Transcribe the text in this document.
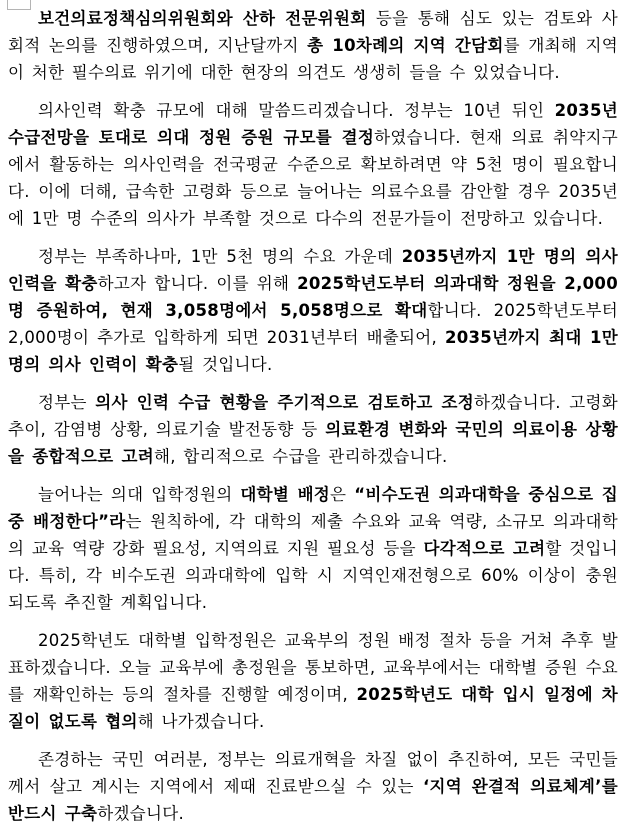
보건의료정책심의위원회와 산하 전문위원회 등을 통해 심도 있는 검토와 사회적 논의를 진행하였으며, 지난달까지 총 10차례의 지역 간담회를 개최해 지역이 처한 필수의료 위기에 대한 현장의 의견도 생생히 들을 수 있었습니다.

의사인력 확충 규모에 대해 말씀드리겠습니다. 정부는 10년 뒤인 2035년 수급전망을 토대로 의대 정원 증원 규모를 결정하였습니다. 현재 의료 취약지구에서 활동하는 의사인력을 전국평균 수준으로 확보하려면 약 5천 명이 필요합니다. 이에 더해, 급속한 고령화 등으로 늘어나는 의료수요를 감안할 경우 2035년에 1만 명 수준의 의사가 부족할 것으로 다수의 전문가들이 전망하고 있습니다.

정부는 부족하나마, 1만 5천 명의 수요 가운데 2035년까지 1만 명의 의사인력을 확충하고자 합니다. 이를 위해 2025학년도부터 의과대학 정원을 2,000명 증원하여, 현재 3,058명에서 5,058명으로 확대합니다. 2025학년도부터 2,000명이 추가로 입학하게 되면 2031년부터 배출되어, 2035년까지 최대 1만 명의 의사 인력이 확충될 것입니다.

정부는 의사 인력 수급 현황을 주기적으로 검토하고 조정하겠습니다. 고령화 추이, 감염병 상황, 의료기술 발전동향 등 의료환경 변화와 국민의 의료이용 상황을 종합적으로 고려해, 합리적으로 수급을 관리하겠습니다.

늘어나는 의대 입학정원의 대학별 배정은 “비수도권 의과대학을 중심으로 집중 배정한다”라는 원칙하에, 각 대학의 제출 수요와 교육 역량, 소규모 의과대학의 교육 역량 강화 필요성, 지역의료 지원 필요성 등을 다각적으로 고려할 것입니다. 특히, 각 비수도권 의과대학에 입학 시 지역인재전형으로 60% 이상이 충원되도록 추진할 계획입니다.

2025학년도 대학별 입학정원은 교육부의 정원 배정 절차 등을 거쳐 추후 발표하겠습니다. 오늘 교육부에 총정원을 통보하면, 교육부에서는 대학별 증원 수요를 재확인하는 등의 절차를 진행할 예정이며, 2025학년도 대학 입시 일정에 차질이 없도록 협의해 나가겠습니다.

존경하는 국민 여러분, 정부는 의료개혁을 차질 없이 추진하여, 모든 국민들께서 살고 계시는 지역에서 제때 진료받으실 수 있는 ‘지역 완결적 의료체계’를 반드시 구축하겠습니다.
